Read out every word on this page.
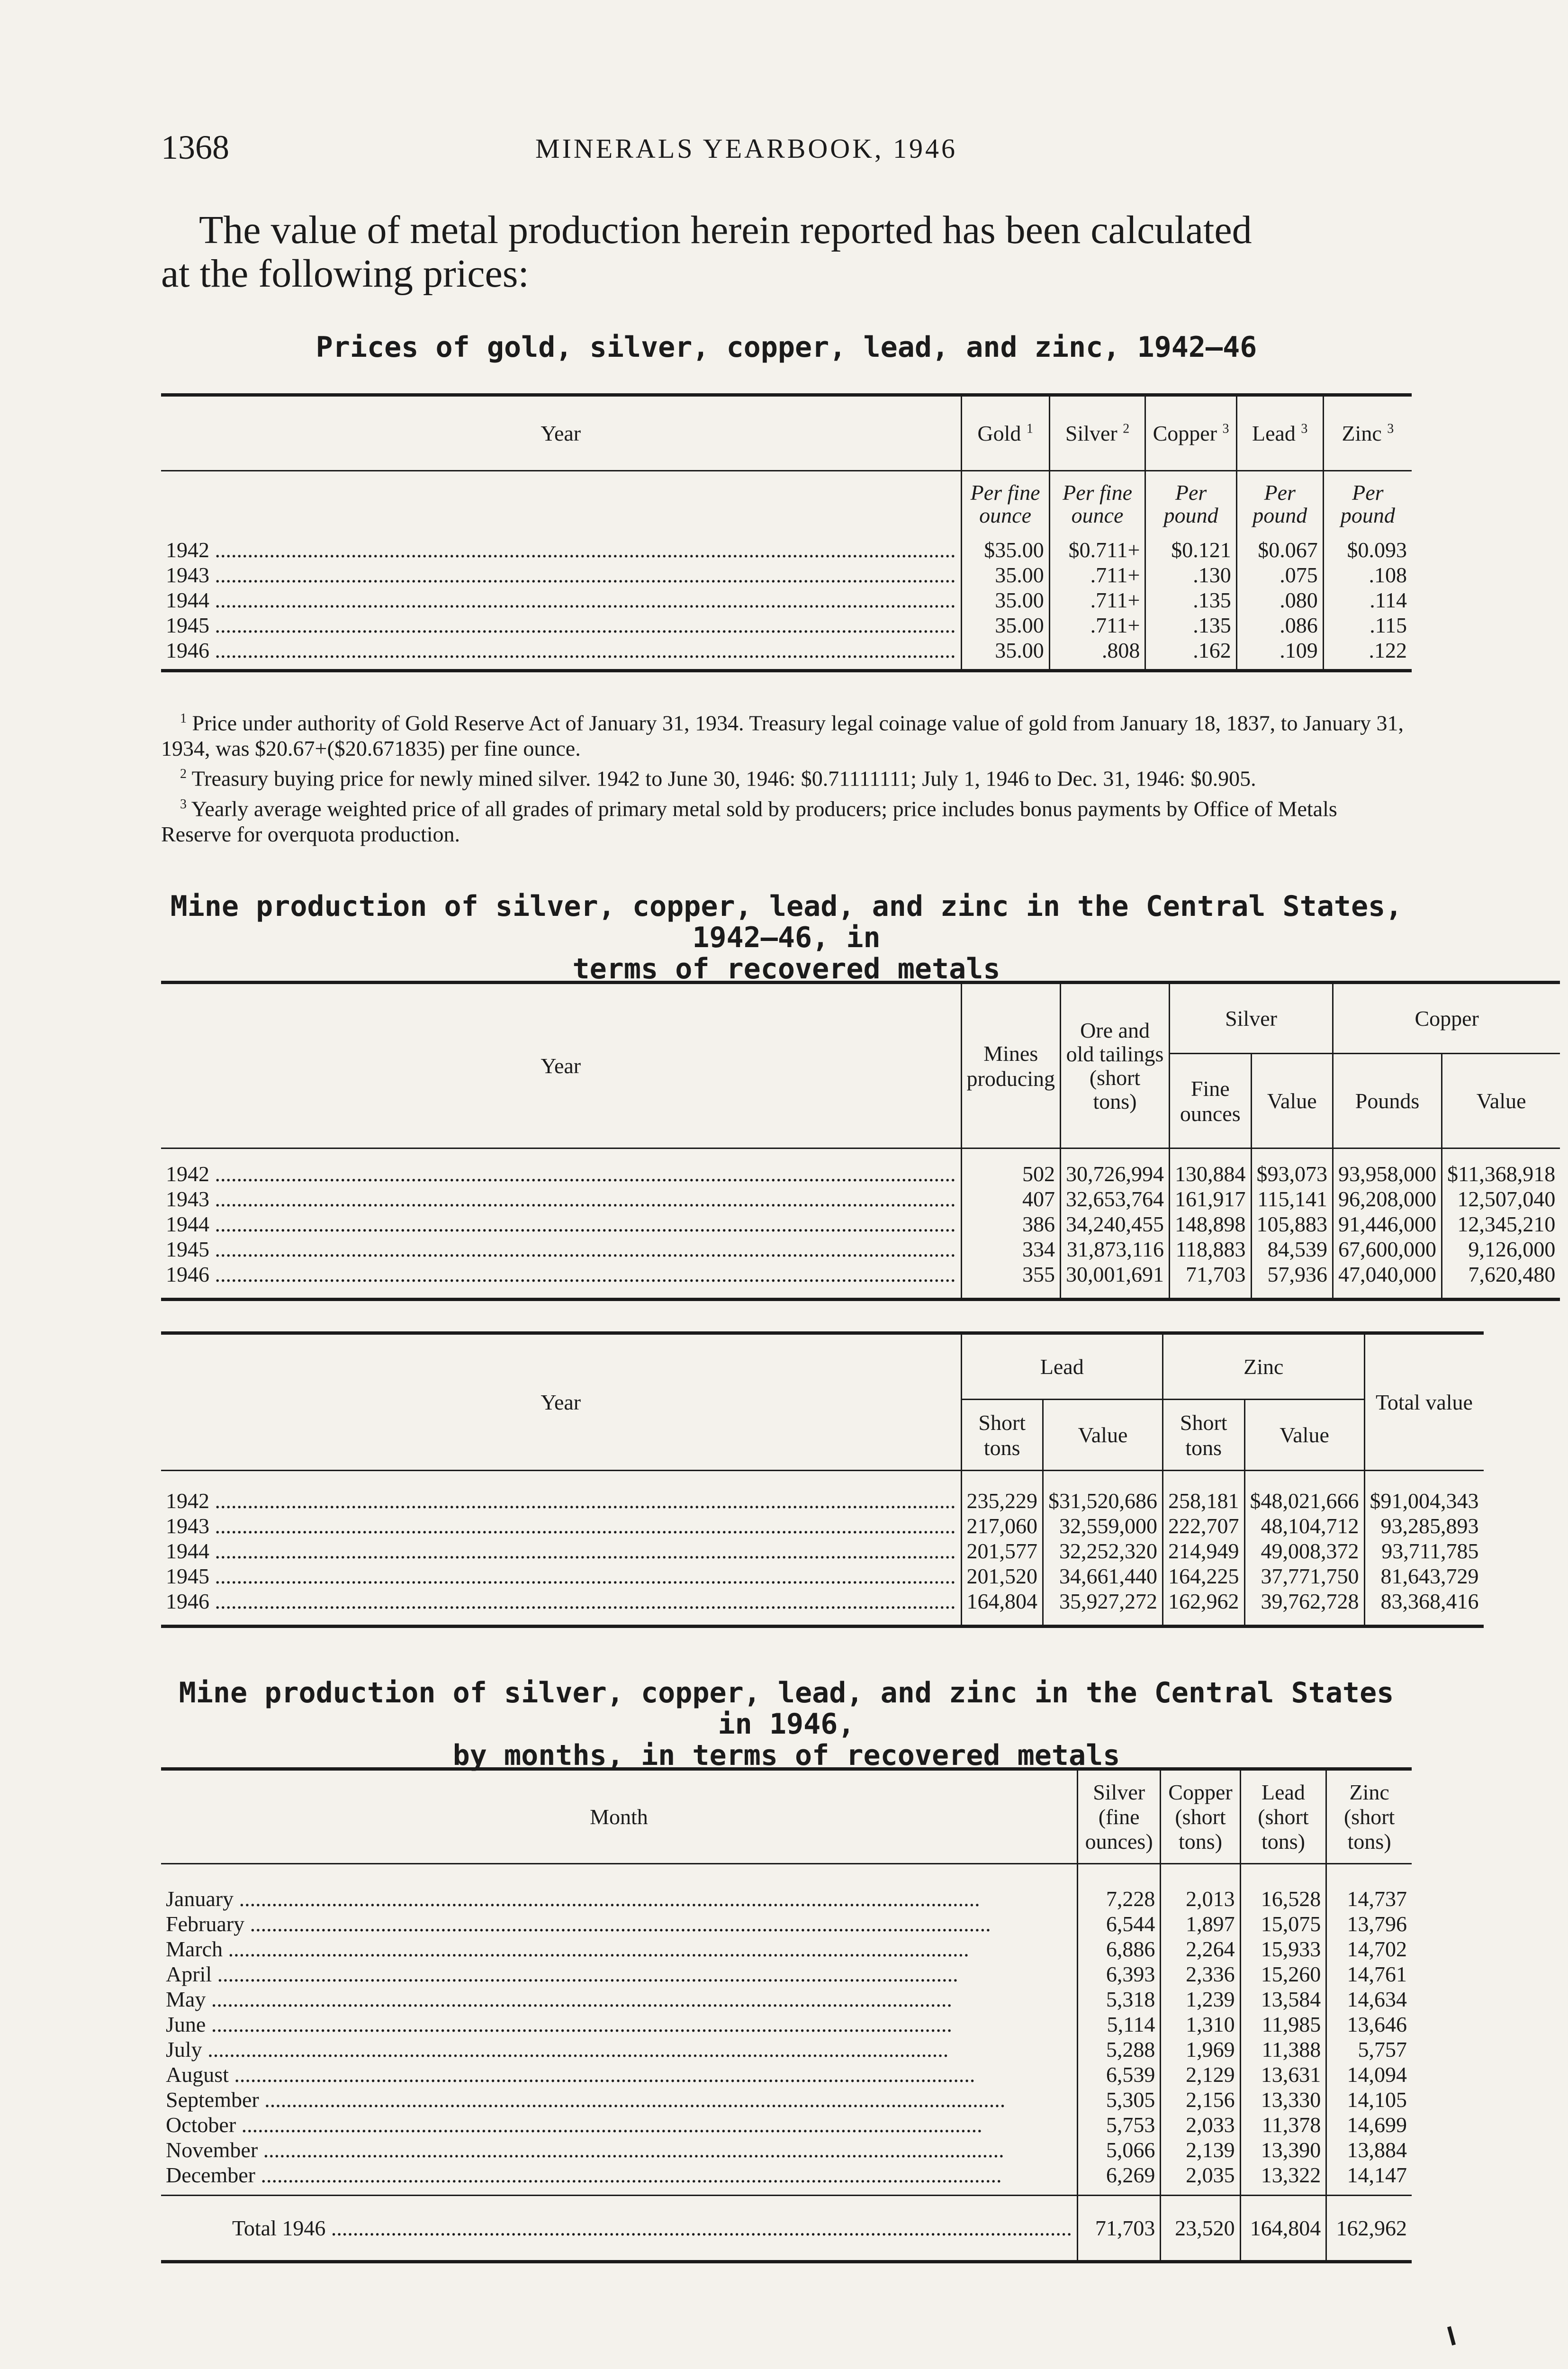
1368	MINERALS YEARBOOK, 1946
The value of metal production herein reported has been calculated
at the following prices:
Prices of gold, silver, copper, lead, and zinc, 1942–46
Year	Gold $^1$	Silver $^2$	Copper $^3$	Lead $^3$	Zinc $^3$
	Per fine ounce	Per fine ounce	Per pound	Per pound	Per pound
1942 .....	$35.00	$0.711+	$0.121	$0.067	$0.093
1943 .....	35.00	.711+	.130	.075	.108
1944 .....	35.00	.711+	.135	.080	.114
1945 .....	35.00	.711+	.135	.086	.115
1946 .....	35.00	.808	.162	.109	.122

$^1$ Price under authority of Gold Reserve Act of January 31, 1934. Treasury legal coinage value of gold from January 18, 1837, to January 31, 1934, was $20.67+($20.671835) per fine ounce.

$^2$ Treasury buying price for newly mined silver. 1942 to June 30, 1946: $0.71111111; July 1, 1946 to Dec. 31, 1946: $0.905.

$^3$ Yearly average weighted price of all grades of primary metal sold by producers; price includes bonus payments by Office of Metals Reserve for overquota production.

Mine production of silver, copper, lead, and zinc in the Central States, 1942–46, in
terms of recovered metals
Year	Mines producing	Ore and old tailings (short tons)	Silver		Copper	
			Fine ounces	Value	Pounds	Value
1942 .....	502	30,726,994	130,884	$93,073	93,958,000	$11,368,918
1943 .....	407	32,653,764	161,917	115,141	96,208,000	12,507,040
1944 .....	386	34,240,455	148,898	105,883	91,446,000	12,345,210
1945 .....	334	31,873,116	118,883	84,539	67,600,000	9,126,000
1946 .....	355	30,001,691	71,703	57,936	47,040,000	7,620,480
Year	Lead		Zinc		Total value
	Short tons	Value	Short tons	Value	
1942 .....	235,229	$31,520,686	258,181	$48,021,666	$91,004,343
1943 .....	217,060	32,559,000	222,707	48,104,712	93,285,893
1944 .....	201,577	32,252,320	214,949	49,008,372	93,711,785
1945 .....	201,520	34,661,440	164,225	37,771,750	81,643,729
1946 .....	164,804	35,927,272	162,962	39,762,728	83,368,416
Mine production of silver, copper, lead, and zinc in the Central States in 1946,
by months, in terms of recovered metals
Month	Silver (fine ounces)	Copper (short tons)	Lead (short tons)	Zinc (short tons)
January .....	7,228	2,013	16,528	14,737
February .....	6,544	1,897	15,075	13,796
March .....	6,886	2,264	15,933	14,702
April .....	6,393	2,336	15,260	14,761
May .....	5,318	1,239	13,584	14,634
June .....	5,114	1,310	11,985	13,646
July .....	5,288	1,969	11,388	5,757
August .....	6,539	2,129	13,631	14,094
September .....	5,305	2,156	13,330	14,105
October .....	5,753	2,033	11,378	14,699
November .....	5,066	2,139	13,390	13,884
December .....	6,269	2,035	13,322	14,147
Total 1946 .....	71,703	23,520	164,804	162,962
